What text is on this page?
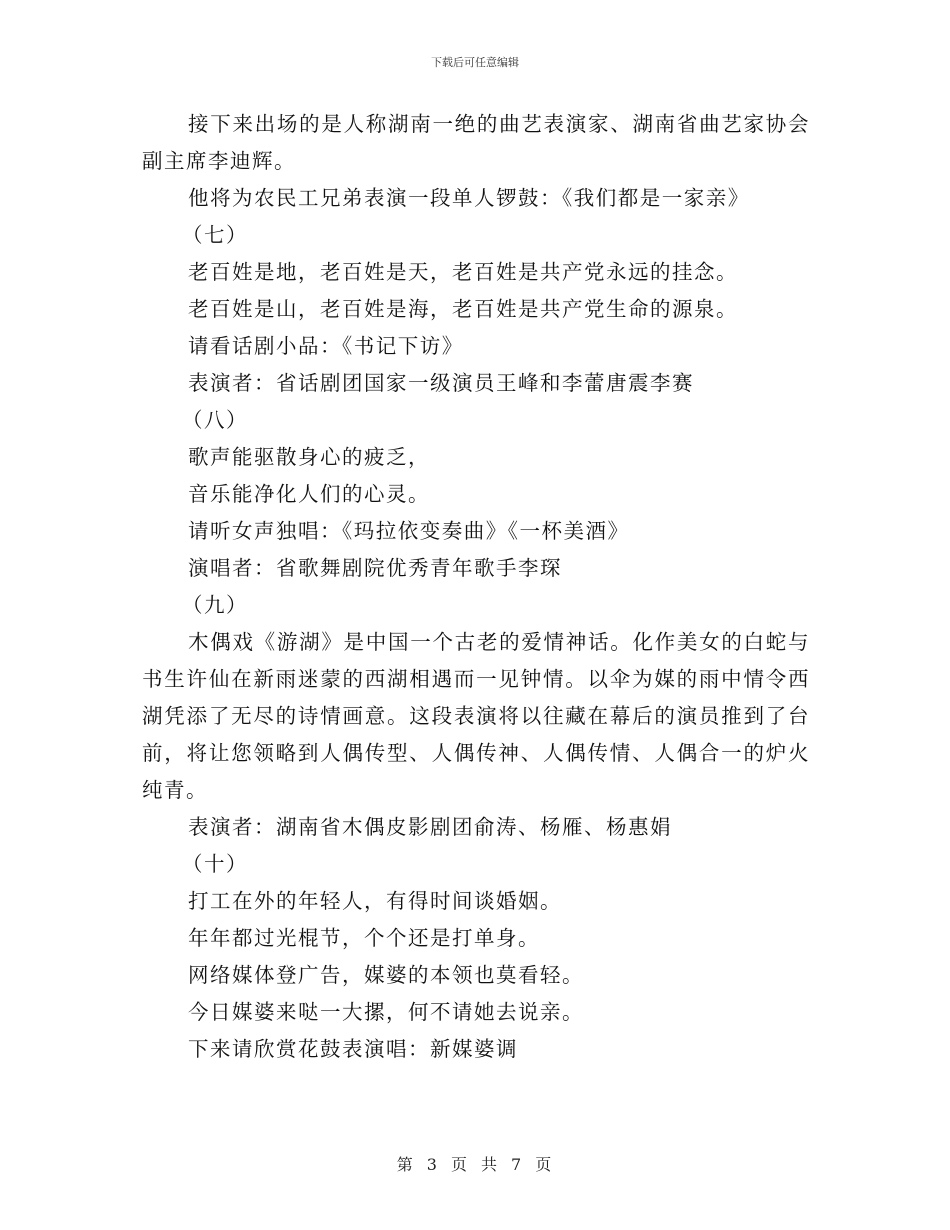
下载后可任意编辑

接下来出场的是人称湖南一绝的曲艺表演家、湖南省曲艺家协会副主席李迪辉。

他将为农民工兄弟表演一段单人锣鼓：《我们都是一家亲》

（七）

老百姓是地，老百姓是天，老百姓是共产党永远的挂念。

老百姓是山，老百姓是海，老百姓是共产党生命的源泉。

请看话剧小品：《书记下访》

表演者：省话剧团国家一级演员王峰和李蕾唐震李赛

（八）

歌声能驱散身心的疲乏，

音乐能净化人们的心灵。

请听女声独唱：《玛拉依变奏曲》《一杯美酒》

演唱者：省歌舞剧院优秀青年歌手李琛

（九）

木偶戏《游湖》是中国一个古老的爱情神话。化作美女的白蛇与书生许仙在新雨迷蒙的西湖相遇而一见钟情。以伞为媒的雨中情令西湖凭添了无尽的诗情画意。这段表演将以往藏在幕后的演员推到了台前，将让您领略到人偶传型、人偶传神、人偶传情、人偶合一的炉火纯青。

表演者：湖南省木偶皮影剧团俞涛、杨雁、杨惠娟

（十）

打工在外的年轻人，有得时间谈婚姻。

年年都过光棍节，个个还是打单身。

网络媒体登广告，媒婆的本领也莫看轻。

今日媒婆来哒一大摞，何不请她去说亲。

下来请欣赏花鼓表演唱：新媒婆调

第 3 页 共 7 页
